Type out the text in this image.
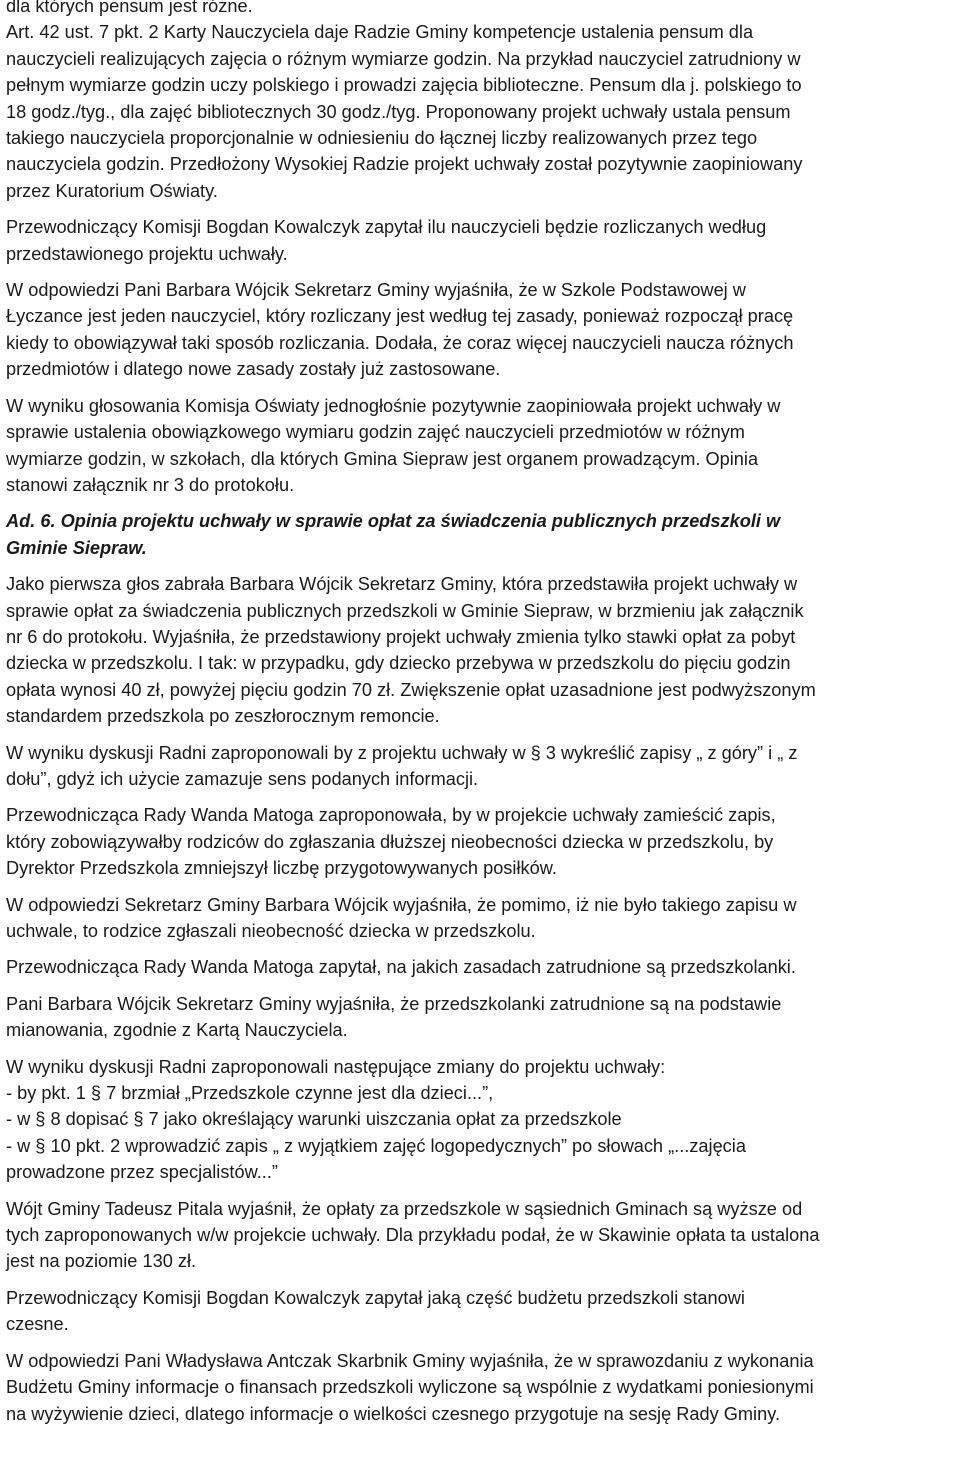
dla których pensum jest różne.
Art. 42 ust. 7 pkt. 2 Karty Nauczyciela daje Radzie Gminy kompetencje ustalenia pensum dla
nauczycieli realizujących zajęcia o różnym wymiarze godzin. Na przykład nauczyciel zatrudniony w
pełnym wymiarze godzin uczy polskiego i prowadzi zajęcia biblioteczne. Pensum dla j. polskiego to
18 godz./tyg., dla zajęć bibliotecznych 30 godz./tyg. Proponowany projekt uchwały ustala pensum
takiego nauczyciela proporcjonalnie w odniesieniu do łącznej liczby realizowanych przez tego
nauczyciela godzin. Przedłożony Wysokiej Radzie projekt uchwały został pozytywnie zaopiniowany
przez Kuratorium Oświaty.

Przewodniczący Komisji Bogdan Kowalczyk zapytał ilu nauczycieli będzie rozliczanych według
przedstawionego projektu uchwały.

W odpowiedzi Pani Barbara Wójcik Sekretarz Gminy wyjaśniła, że w Szkole Podstawowej w
Łyczance jest jeden nauczyciel, który rozliczany jest według tej zasady, ponieważ rozpoczął pracę
kiedy to obowiązywał taki sposób rozliczania. Dodała, że coraz więcej nauczycieli naucza różnych
przedmiotów i dlatego nowe zasady zostały już zastosowane.

W wyniku głosowania Komisja Oświaty jednogłośnie pozytywnie zaopiniowała projekt uchwały w
sprawie ustalenia obowiązkowego wymiaru godzin zajęć nauczycieli przedmiotów w różnym
wymiarze godzin, w szkołach, dla których Gmina Siepraw jest organem prowadzącym. Opinia
stanowi załącznik nr 3 do protokołu.

Ad. 6. Opinia projektu uchwały w sprawie opłat za świadczenia publicznych przedszkoli w
Gminie Siepraw.

Jako pierwsza głos zabrała Barbara Wójcik Sekretarz Gminy, która przedstawiła projekt uchwały w
sprawie opłat za świadczenia publicznych przedszkoli w Gminie Siepraw, w brzmieniu jak załącznik
nr 6 do protokołu. Wyjaśniła, że przedstawiony projekt uchwały zmienia tylko stawki opłat za pobyt
dziecka w przedszkolu. I tak: w przypadku, gdy dziecko przebywa w przedszkolu do pięciu godzin
opłata wynosi 40 zł, powyżej pięciu godzin 70 zł. Zwiększenie opłat uzasadnione jest podwyższonym
standardem przedszkola po zeszłorocznym remoncie.

W wyniku dyskusji Radni zaproponowali by z projektu uchwały w § 3 wykreślić zapisy „ z góry” i „ z
dołu”, gdyż ich użycie zamazuje sens podanych informacji.

Przewodnicząca Rady Wanda Matoga zaproponowała, by w projekcie uchwały zamieścić zapis,
który zobowiązywałby rodziców do zgłaszania dłuższej nieobecności dziecka w przedszkolu, by
Dyrektor Przedszkola zmniejszył liczbę przygotowywanych posiłków.

W odpowiedzi Sekretarz Gminy Barbara Wójcik wyjaśniła, że pomimo, iż nie było takiego zapisu w
uchwale, to rodzice zgłaszali nieobecność dziecka w przedszkolu.

Przewodnicząca Rady Wanda Matoga zapytał, na jakich zasadach zatrudnione są przedszkolanki.

Pani Barbara Wójcik Sekretarz Gminy wyjaśniła, że przedszkolanki zatrudnione są na podstawie
mianowania, zgodnie z Kartą Nauczyciela.

W wyniku dyskusji Radni zaproponowali następujące zmiany do projektu uchwały:
- by pkt. 1 § 7 brzmiał „Przedszkole czynne jest dla dzieci...”,
- w § 8 dopisać § 7 jako określający warunki uiszczania opłat za przedszkole
- w § 10 pkt. 2 wprowadzić zapis „ z wyjątkiem zajęć logopedycznych” po słowach „...zajęcia
prowadzone przez specjalistów...”

Wójt Gminy Tadeusz Pitala wyjaśnił, że opłaty za przedszkole w sąsiednich Gminach są wyższe od
tych zaproponowanych w/w projekcie uchwały. Dla przykładu podał, że w Skawinie opłata ta ustalona
jest na poziomie 130 zł.

Przewodniczący Komisji Bogdan Kowalczyk zapytał jaką część budżetu przedszkoli stanowi
czesne.

W odpowiedzi Pani Władysława Antczak Skarbnik Gminy wyjaśniła, że w sprawozdaniu z wykonania
Budżetu Gminy informacje o finansach przedszkoli wyliczone są wspólnie z wydatkami poniesionymi
na wyżywienie dzieci, dlatego informacje o wielkości czesnego przygotuje na sesję Rady Gminy.
